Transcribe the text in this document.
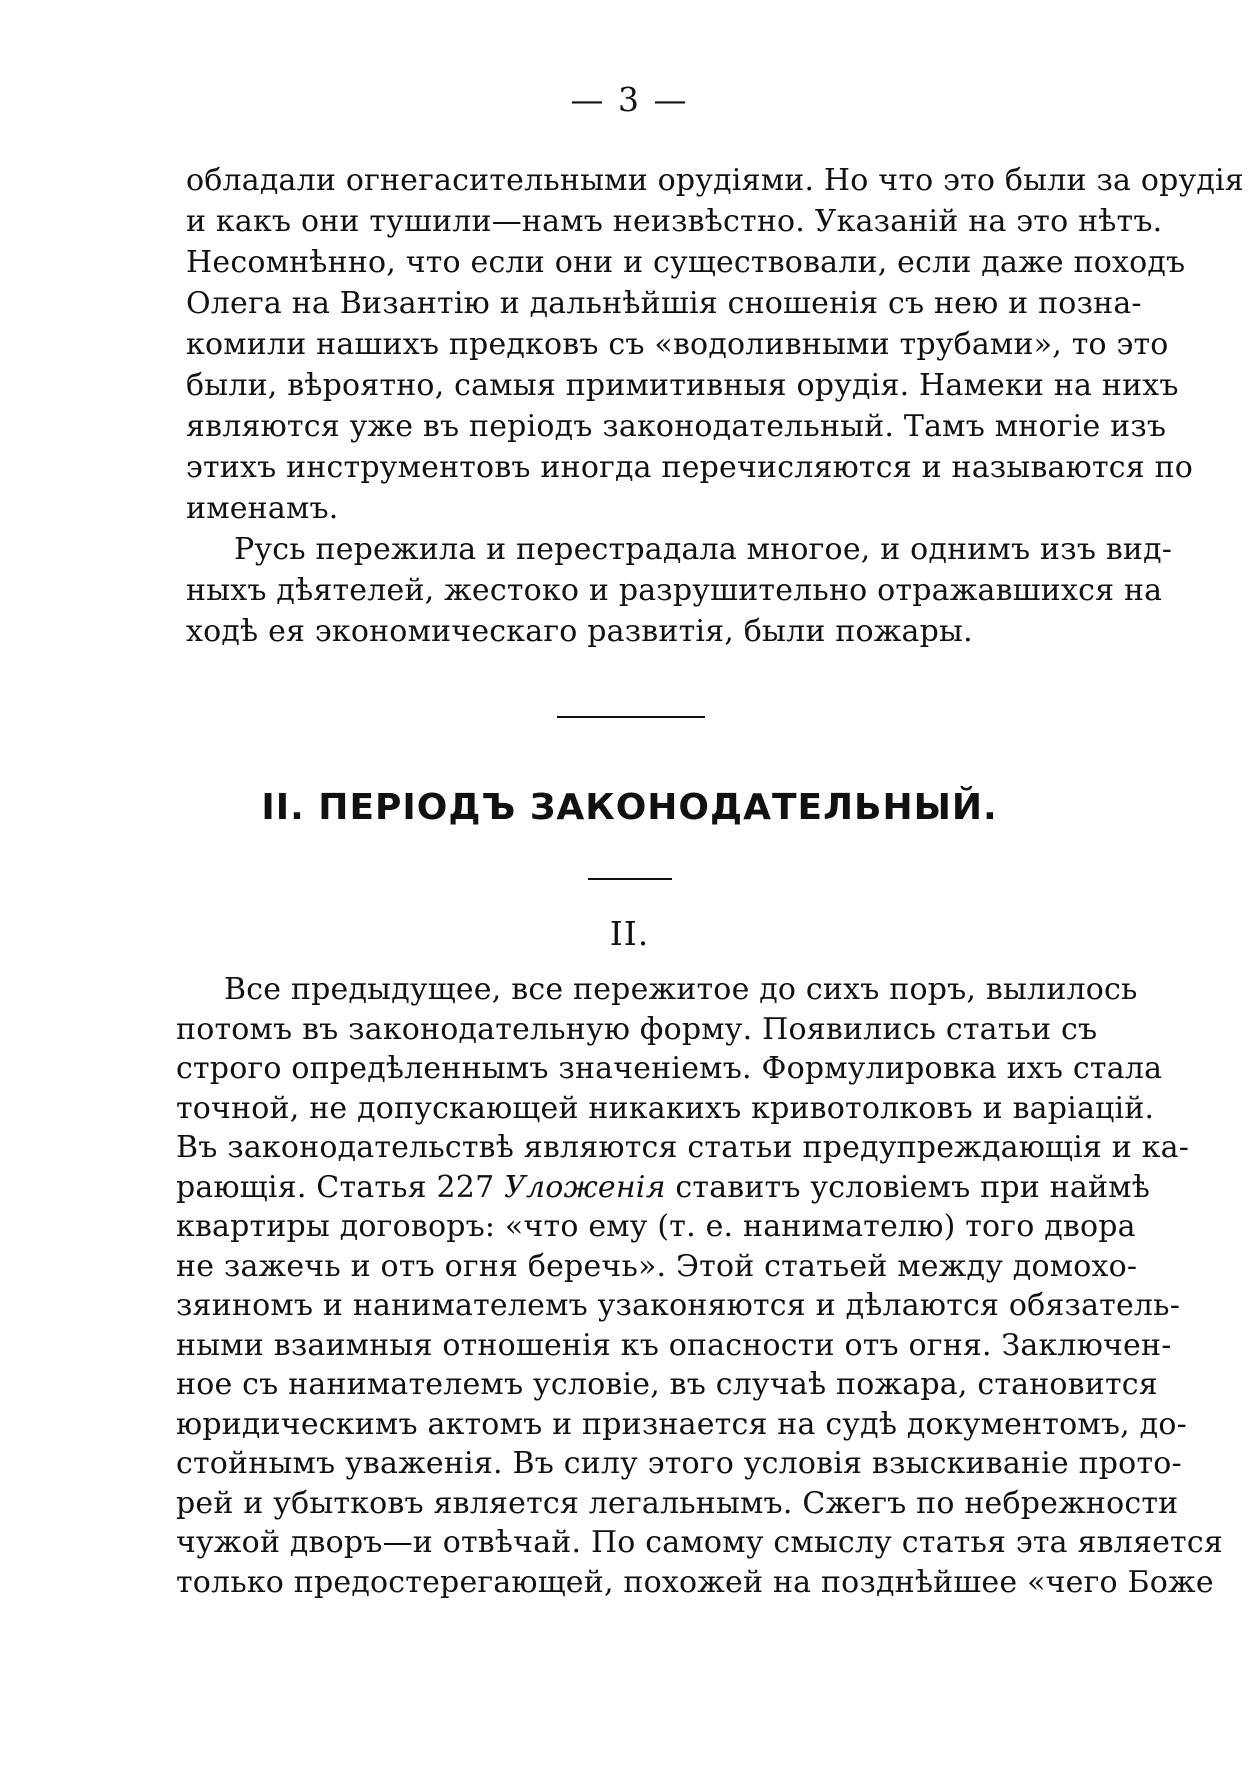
— 3 —
обладали огнегасительными орудіями. Но что это были за орудія
и какъ они тушили—намъ неизвѣстно. Указаній на это нѣтъ.
Несомнѣнно, что если они и существовали, если даже походъ
Олега на Византію и дальнѣйшія сношенія съ нею и позна-
комили нашихъ предковъ съ «водоливными трубами», то это
были, вѣроятно, самыя примитивныя орудія. Намеки на нихъ
являются уже въ періодъ законодательный. Тамъ многіе изъ
этихъ инструментовъ иногда перечисляются и называются по
именамъ.
Русь пережила и перестрадала многое, и однимъ изъ вид-
ныхъ дѣятелей, жестоко и разрушительно отражавшихся на
ходѣ ея экономическаго развитія, были пожары.
II. ПЕРІОДЪ ЗАКОНОДАТЕЛЬНЫЙ.
II.
Все предыдущее, все пережитое до сихъ поръ, вылилось
потомъ въ законодательную форму. Появились статьи съ
строго опредѣленнымъ значеніемъ. Формулировка ихъ стала
точной, не допускающей никакихъ кривотолковъ и варіацій.
Въ законодательствѣ являются статьи предупреждающія и ка-
рающія. Статья 227 Уложенія ставитъ условіемъ при наймѣ
квартиры договоръ: «что ему (т. е. нанимателю) того двора
не зажечь и отъ огня беречь». Этой статьей между домохо-
зяиномъ и нанимателемъ узаконяются и дѣлаются обязатель-
ными взаимныя отношенія къ опасности отъ огня. Заключен-
ное съ нанимателемъ условіе, въ случаѣ пожара, становится
юридическимъ актомъ и признается на судѣ документомъ, до-
стойнымъ уваженія. Въ силу этого условія взыскиваніе прото-
рей и убытковъ является легальнымъ. Сжегъ по небрежности
чужой дворъ—и отвѣчай. По самому смыслу статья эта является
только предостерегающей, похожей на позднѣйшее «чего Боже
